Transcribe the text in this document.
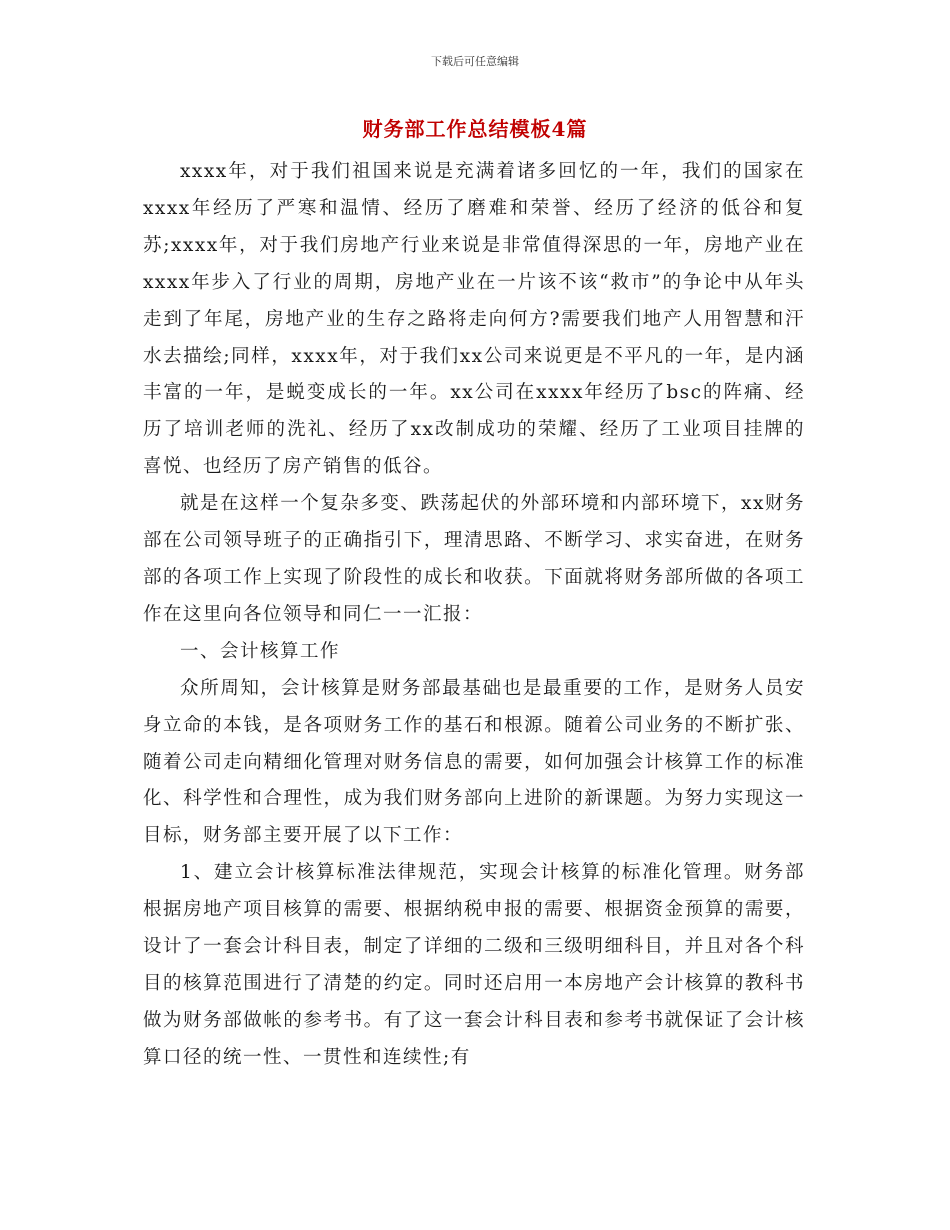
下载后可任意编辑
财务部工作总结模板4篇

xxxx年，对于我们祖国来说是充满着诸多回忆的一年，我们的国家在xxxx年经历了严寒和温情、经历了磨难和荣誉、经历了经济的低谷和复苏;xxxx年，对于我们房地产行业来说是非常值得深思的一年，房地产业在xxxx年步入了行业的周期，房地产业在一片该不该“救市”的争论中从年头走到了年尾，房地产业的生存之路将走向何方?需要我们地产人用智慧和汗水去描绘;同样，xxxx年，对于我们xx公司来说更是不平凡的一年，是内涵丰富的一年，是蜕变成长的一年。xx公司在xxxx年经历了bsc的阵痛、经历了培训老师的洗礼、经历了xx改制成功的荣耀、经历了工业项目挂牌的喜悦、也经历了房产销售的低谷。

就是在这样一个复杂多变、跌荡起伏的外部环境和内部环境下，xx财务部在公司领导班子的正确指引下，理清思路、不断学习、求实奋进，在财务部的各项工作上实现了阶段性的成长和收获。下面就将财务部所做的各项工作在这里向各位领导和同仁一一汇报：

一、会计核算工作

众所周知，会计核算是财务部最基础也是最重要的工作，是财务人员安身立命的本钱，是各项财务工作的基石和根源。随着公司业务的不断扩张、随着公司走向精细化管理对财务信息的需要，如何加强会计核算工作的标准化、科学性和合理性，成为我们财务部向上进阶的新课题。为努力实现这一目标，财务部主要开展了以下工作：

1、建立会计核算标准法律规范，实现会计核算的标准化管理。财务部根据房地产项目核算的需要、根据纳税申报的需要、根据资金预算的需要，设计了一套会计科目表，制定了详细的二级和三级明细科目，并且对各个科目的核算范围进行了清楚的约定。同时还启用一本房地产会计核算的教科书做为财务部做帐的参考书。有了这一套会计科目表和参考书就保证了会计核算口径的统一性、一贯性和连续性;有
